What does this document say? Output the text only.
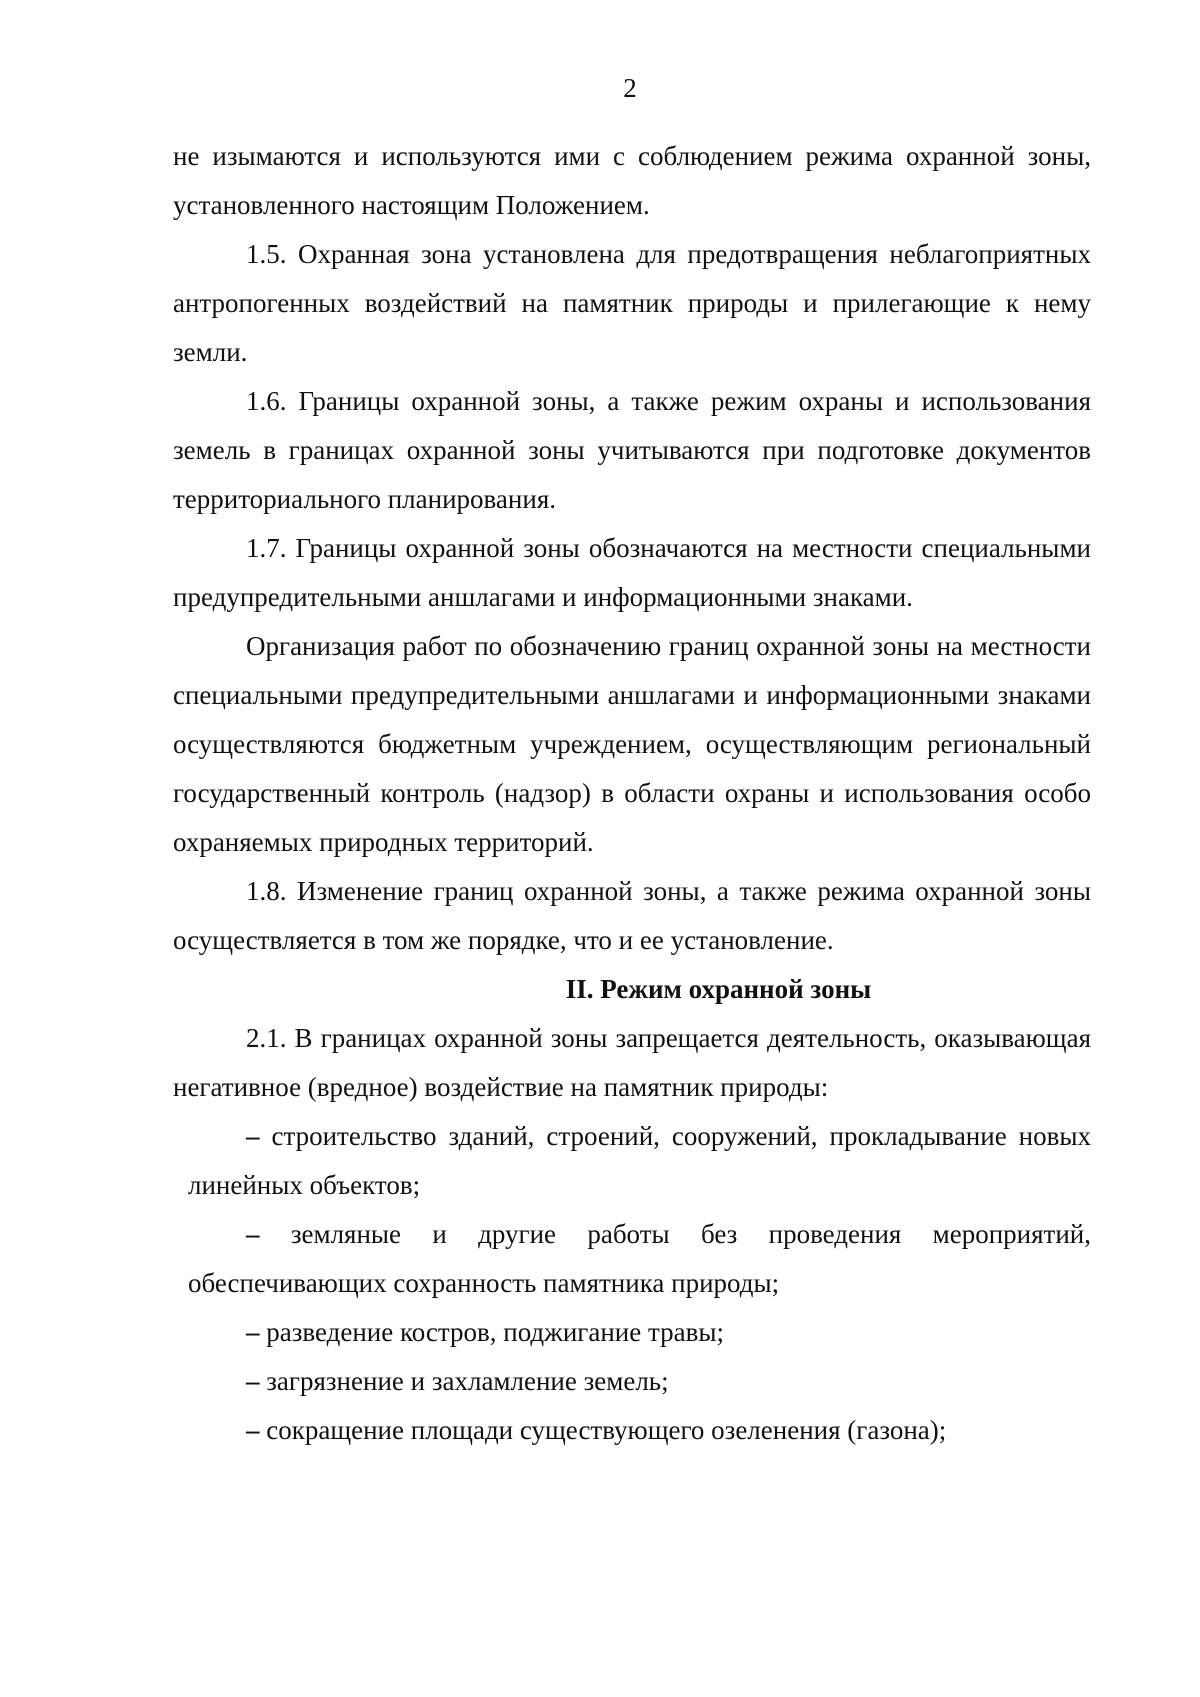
2

не изымаются и используются ими с соблюдением режима охранной зоны, установленного настоящим Положением.

1.5. Охранная зона установлена для предотвращения неблагоприятных антропогенных воздействий на памятник природы и прилегающие к нему земли.

1.6. Границы охранной зоны, а также режим охраны и использования земель в границах охранной зоны учитываются при подготовке документов территориального планирования.

1.7. Границы охранной зоны обозначаются на местности специальными предупредительными аншлагами и информационными знаками.

Организация работ по обозначению границ охранной зоны на местности специальными предупредительными аншлагами и информационными знаками осуществляются бюджетным учреждением, осуществляющим региональный государственный контроль (надзор) в области охраны и использования особо охраняемых природных территорий.

1.8. Изменение границ охранной зоны, а также режима охранной зоны осуществляется в том же порядке, что и ее установление.

II. Режим охранной зоны

2.1. В границах охранной зоны запрещается деятельность, оказывающая негативное (вредное) воздействие на памятник природы:

– строительство зданий, строений, сооружений, прокладывание новых линейных объектов;
– земляные и другие работы без проведения мероприятий, обеспечивающих сохранность памятника природы;
– разведение костров, поджигание травы;
– загрязнение и захламление земель;
– сокращение площади существующего озеленения (газона);
